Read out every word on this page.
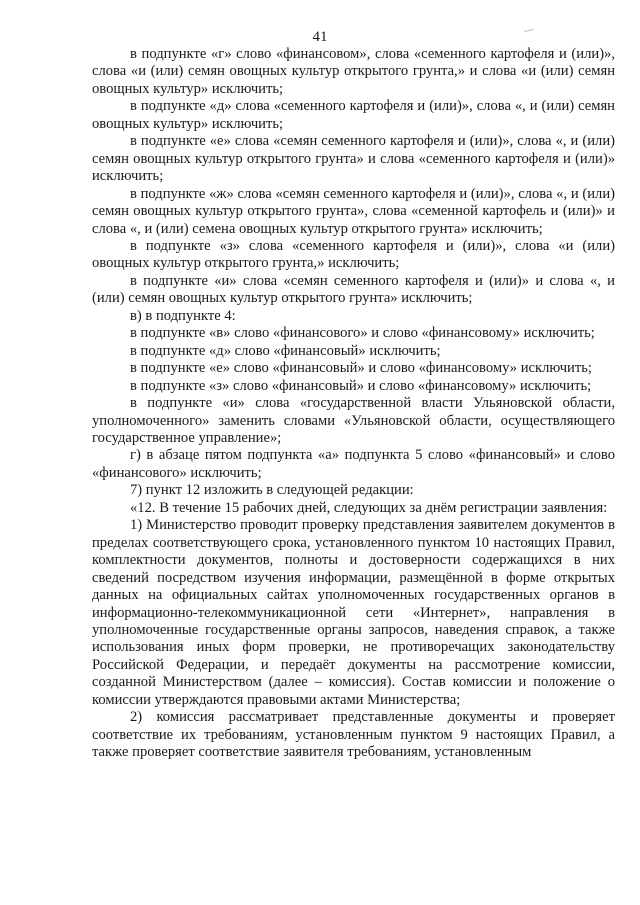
41

в подпункте «г» слово «финансовом», слова «семенного картофеля и (или)», слова «и (или) семян овощных культур открытого грунта,» и слова «и (или) семян овощных культур» исключить;

в подпункте «д» слова «семенного картофеля и (или)», слова «, и (или) семян овощных культур» исключить;

в подпункте «е» слова «семян семенного картофеля и (или)», слова «, и (или) семян овощных культур открытого грунта» и слова «семенного картофеля и (или)» исключить;

в подпункте «ж» слова «семян семенного картофеля и (или)», слова «, и (или) семян овощных культур открытого грунта», слова «семенной картофель и (или)» и слова «, и (или) семена овощных культур открытого грунта» исключить;

в подпункте «з» слова «семенного картофеля и (или)», слова «и (или) овощных культур открытого грунта,» исключить;

в подпункте «и» слова «семян семенного картофеля и (или)» и слова «, и (или) семян овощных культур открытого грунта» исключить;

в) в подпункте 4:

в подпункте «в» слово «финансового» и слово «финансовому» исключить;

в подпункте «д» слово «финансовый» исключить;

в подпункте «е» слово «финансовый» и слово «финансовому» исключить;

в подпункте «з» слово «финансовый» и слово «финансовому» исключить;

в подпункте «и» слова «государственной власти Ульяновской области, уполномоченного» заменить словами «Ульяновской области, осуществляющего государственное управление»;

г) в абзаце пятом подпункта «а» подпункта 5 слово «финансовый» и слово «финансового» исключить;

7) пункт 12 изложить в следующей редакции:

«12. В течение 15 рабочих дней, следующих за днём регистрации заявления:

1) Министерство проводит проверку представления заявителем документов в пределах соответствующего срока, установленного пунктом 10 настоящих Правил, комплектности документов, полноты и достоверности содержащихся в них сведений посредством изучения информации, размещённой в форме открытых данных на официальных сайтах уполномоченных государственных органов в информационно-телекоммуникационной сети «Интернет», направления в уполномоченные государственные органы запросов, наведения справок, а также использования иных форм проверки, не противоречащих законодательству Российской Федерации, и передаёт документы на рассмотрение комиссии, созданной Министерством (далее – комиссия). Состав комиссии и положение о комиссии утверждаются правовыми актами Министерства;

2) комиссия рассматривает представленные документы и проверяет соответствие их требованиям, установленным пунктом 9 настоящих Правил, а также проверяет соответствие заявителя требованиям, установленным
